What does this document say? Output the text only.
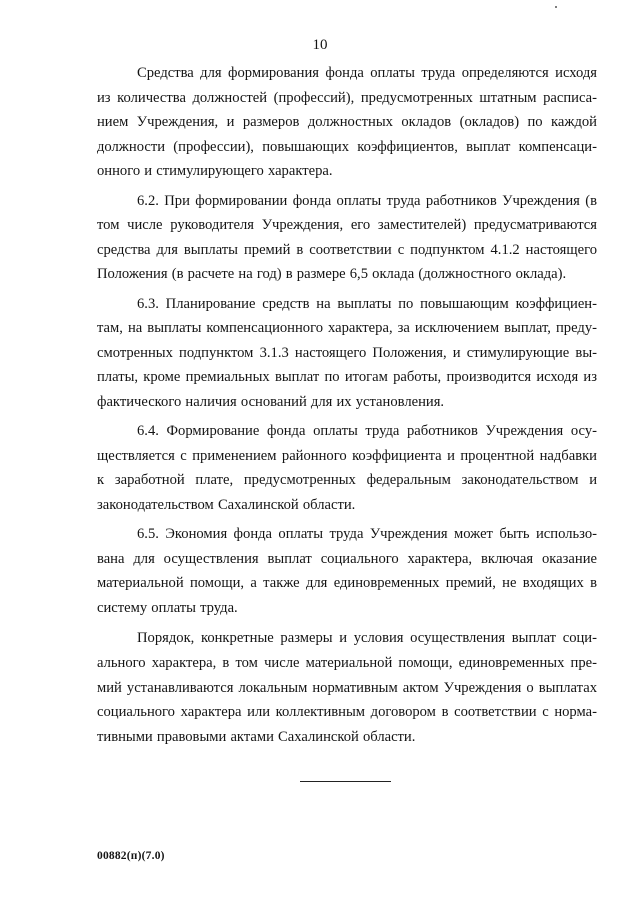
10

Средства для формирования фонда оплаты труда определяются исходя из количества должностей (профессий), предусмотренных штатным расписанием Учреждения, и размеров должностных окладов (окладов) по каждой должности (профессии), повышающих коэффициентов, выплат компенсационного и стимулирующего характера.

6.2. При формировании фонда оплаты труда работников Учреждения (в том числе руководителя Учреждения, его заместителей) предусматриваются средства для выплаты премий в соответствии с подпунктом 4.1.2 настоящего Положения (в расчете на год) в размере 6,5 оклада (должностного оклада).

6.3. Планирование средств на выплаты по повышающим коэффициентам, на выплаты компенсационного характера, за исключением выплат, предусмотренных подпунктом 3.1.3 настоящего Положения, и стимулирующие выплаты, кроме премиальных выплат по итогам работы, производится исходя из фактического наличия оснований для их установления.

6.4. Формирование фонда оплаты труда работников Учреждения осуществляется с применением районного коэффициента и процентной надбавки к заработной плате, предусмотренных федеральным законодательством и законодательством Сахалинской области.

6.5. Экономия фонда оплаты труда Учреждения может быть использована для осуществления выплат социального характера, включая оказание материальной помощи, а также для единовременных премий, не входящих в систему оплаты труда.

Порядок, конкретные размеры и условия осуществления выплат социального характера, в том числе материальной помощи, единовременных премий устанавливаются локальным нормативным актом Учреждения о выплатах социального характера или коллективным договором в соответствии с нормативными правовыми актами Сахалинской области.

00882(п)(7.0)
